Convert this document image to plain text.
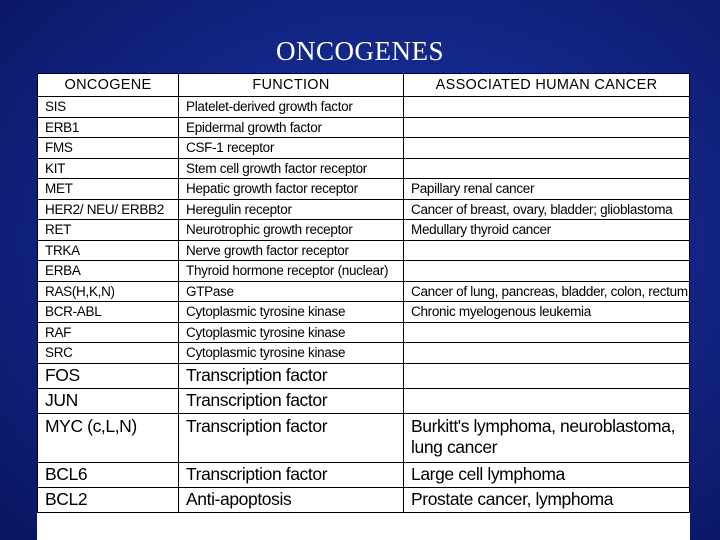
ONCOGENES
ONCOGENE	FUNCTION	ASSOCIATED HUMAN CANCER
SIS	Platelet-derived growth factor	
ERB1	Epidermal growth factor	
FMS	CSF-1 receptor	
KIT	Stem cell growth factor receptor	
MET	Hepatic growth factor receptor	Papillary renal cancer
HER2/ NEU/ ERBB2	Heregulin receptor	Cancer of breast, ovary, bladder; glioblastoma
RET	Neurotrophic growth receptor	Medullary thyroid cancer
TRKA	Nerve growth factor receptor	
ERBA	Thyroid hormone receptor (nuclear)	
RAS(H,K,N)	GTPase	Cancer of lung, pancreas, bladder, colon, rectum
BCR-ABL	Cytoplasmic tyrosine kinase	Chronic myelogenous leukemia
RAF	Cytoplasmic tyrosine kinase	
SRC	Cytoplasmic tyrosine kinase	
FOS	Transcription factor	
JUN	Transcription factor	
MYC (c,L,N)	Transcription factor	Burkitt's lymphoma, neuroblastoma, lung cancer
BCL6	Transcription factor	Large cell lymphoma
BCL2	Anti-apoptosis	Prostate cancer, lymphoma
